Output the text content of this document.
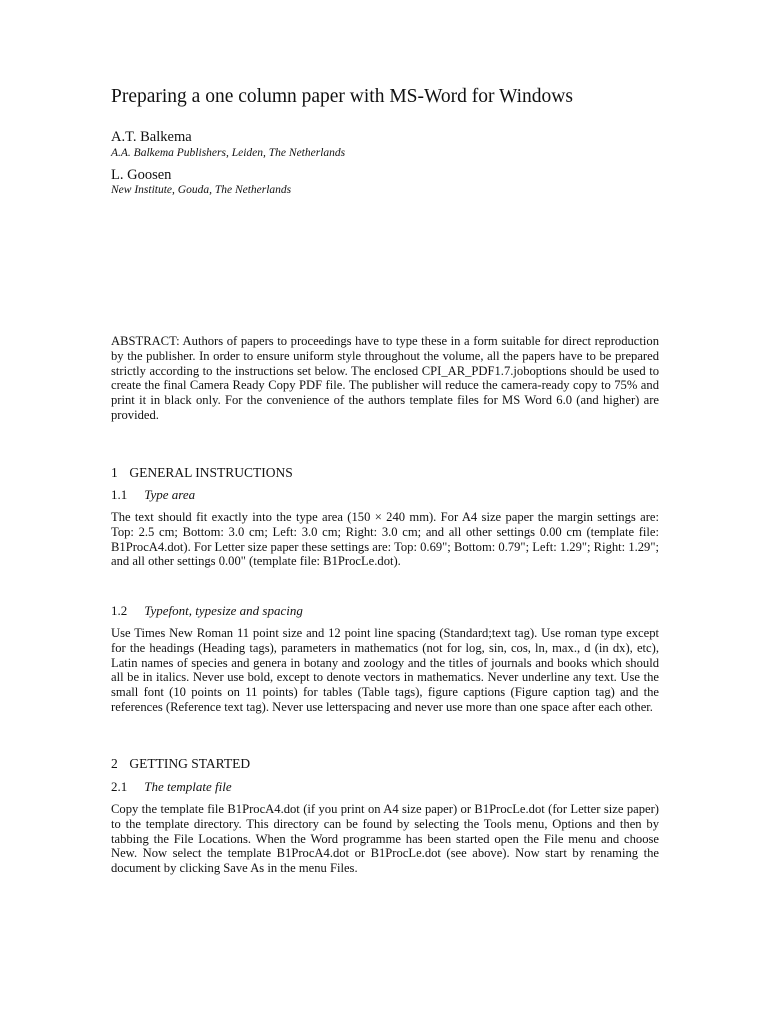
Preparing a one column paper with MS-Word for Windows
A.T. Balkema
A.A. Balkema Publishers, Leiden, The Netherlands
L. Goosen
New Institute, Gouda, The Netherlands

ABSTRACT: Authors of papers to proceedings have to type these in a form suitable for direct reproduction by the publisher. In order to ensure uniform style throughout the volume, all the papers have to be prepared strictly according to the instructions set below. The enclosed CPI_AR_PDF1.7.joboptions should be used to create the final Camera Ready Copy PDF file. The publisher will reduce the camera-ready copy to 75% and print it in black only. For the convenience of the authors template files for MS Word 6.0 (and higher) are provided.

1 GENERAL INSTRUCTIONS
1.1 Type area

The text should fit exactly into the type area (150 × 240 mm). For A4 size paper the margin settings are: Top: 2.5 cm; Bottom: 3.0 cm; Left: 3.0 cm; Right: 3.0 cm; and all other settings 0.00 cm (template file: B1ProcA4.dot). For Letter size paper these settings are: Top: 0.69"; Bottom: 0.79"; Left: 1.29"; Right: 1.29"; and all other settings 0.00" (template file: B1ProcLe.dot).

1.2 Typefont, typesize and spacing

Use Times New Roman 11 point size and 12 point line spacing (Standard;text tag). Use roman type except for the headings (Heading tags), parameters in mathematics (not for log, sin, cos, ln, max., d (in dx), etc), Latin names of species and genera in botany and zoology and the titles of journals and books which should all be in italics. Never use bold, except to denote vectors in mathematics. Never underline any text. Use the small font (10 points on 11 points) for tables (Table tags), figure captions (Figure caption tag) and the references (Reference text tag). Never use letterspacing and never use more than one space after each other.

2 GETTING STARTED
2.1 The template file

Copy the template file B1ProcA4.dot (if you print on A4 size paper) or B1ProcLe.dot (for Letter size paper) to the template directory. This directory can be found by selecting the Tools menu, Options and then by tabbing the File Locations. When the Word programme has been started open the File menu and choose New. Now select the template B1ProcA4.dot or B1ProcLe.dot (see above). Now start by renaming the document by clicking Save As in the menu Files.
